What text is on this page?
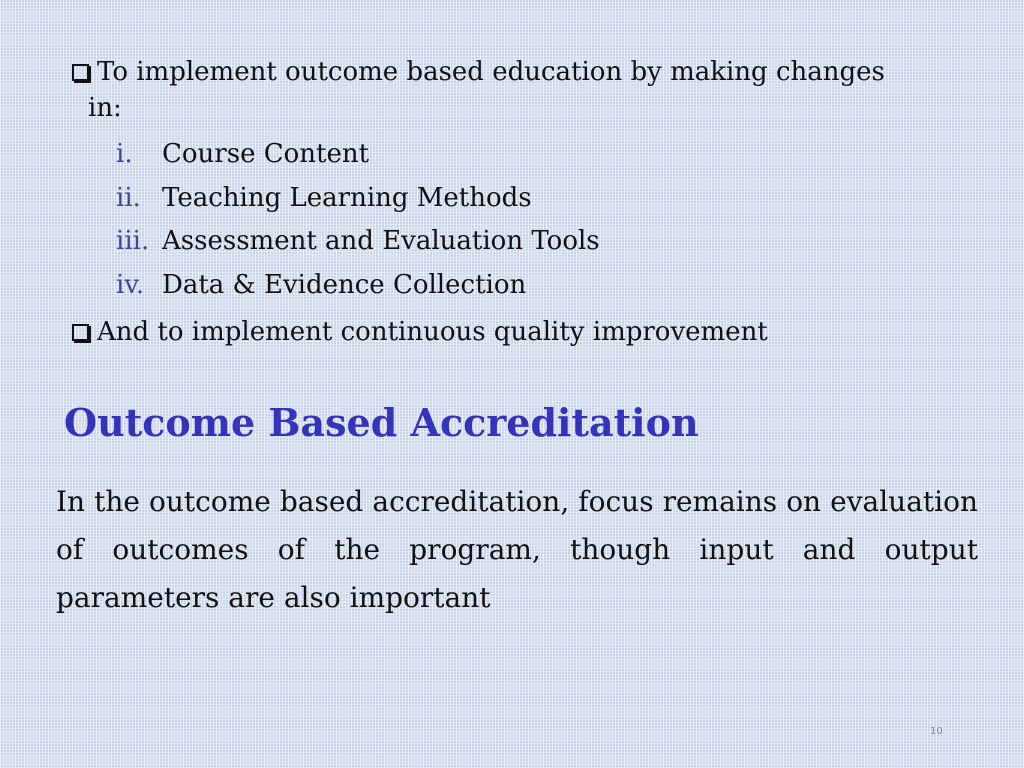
To implement outcome based education by making changes
in:
i. Course Content
ii. Teaching Learning Methods
iii. Assessment and Evaluation Tools
iv. Data & Evidence Collection
And to implement continuous quality improvement
Outcome Based Accreditation

In the outcome based accreditation, focus remains on evaluation of outcomes of the program, though input and output parameters are also important

10
